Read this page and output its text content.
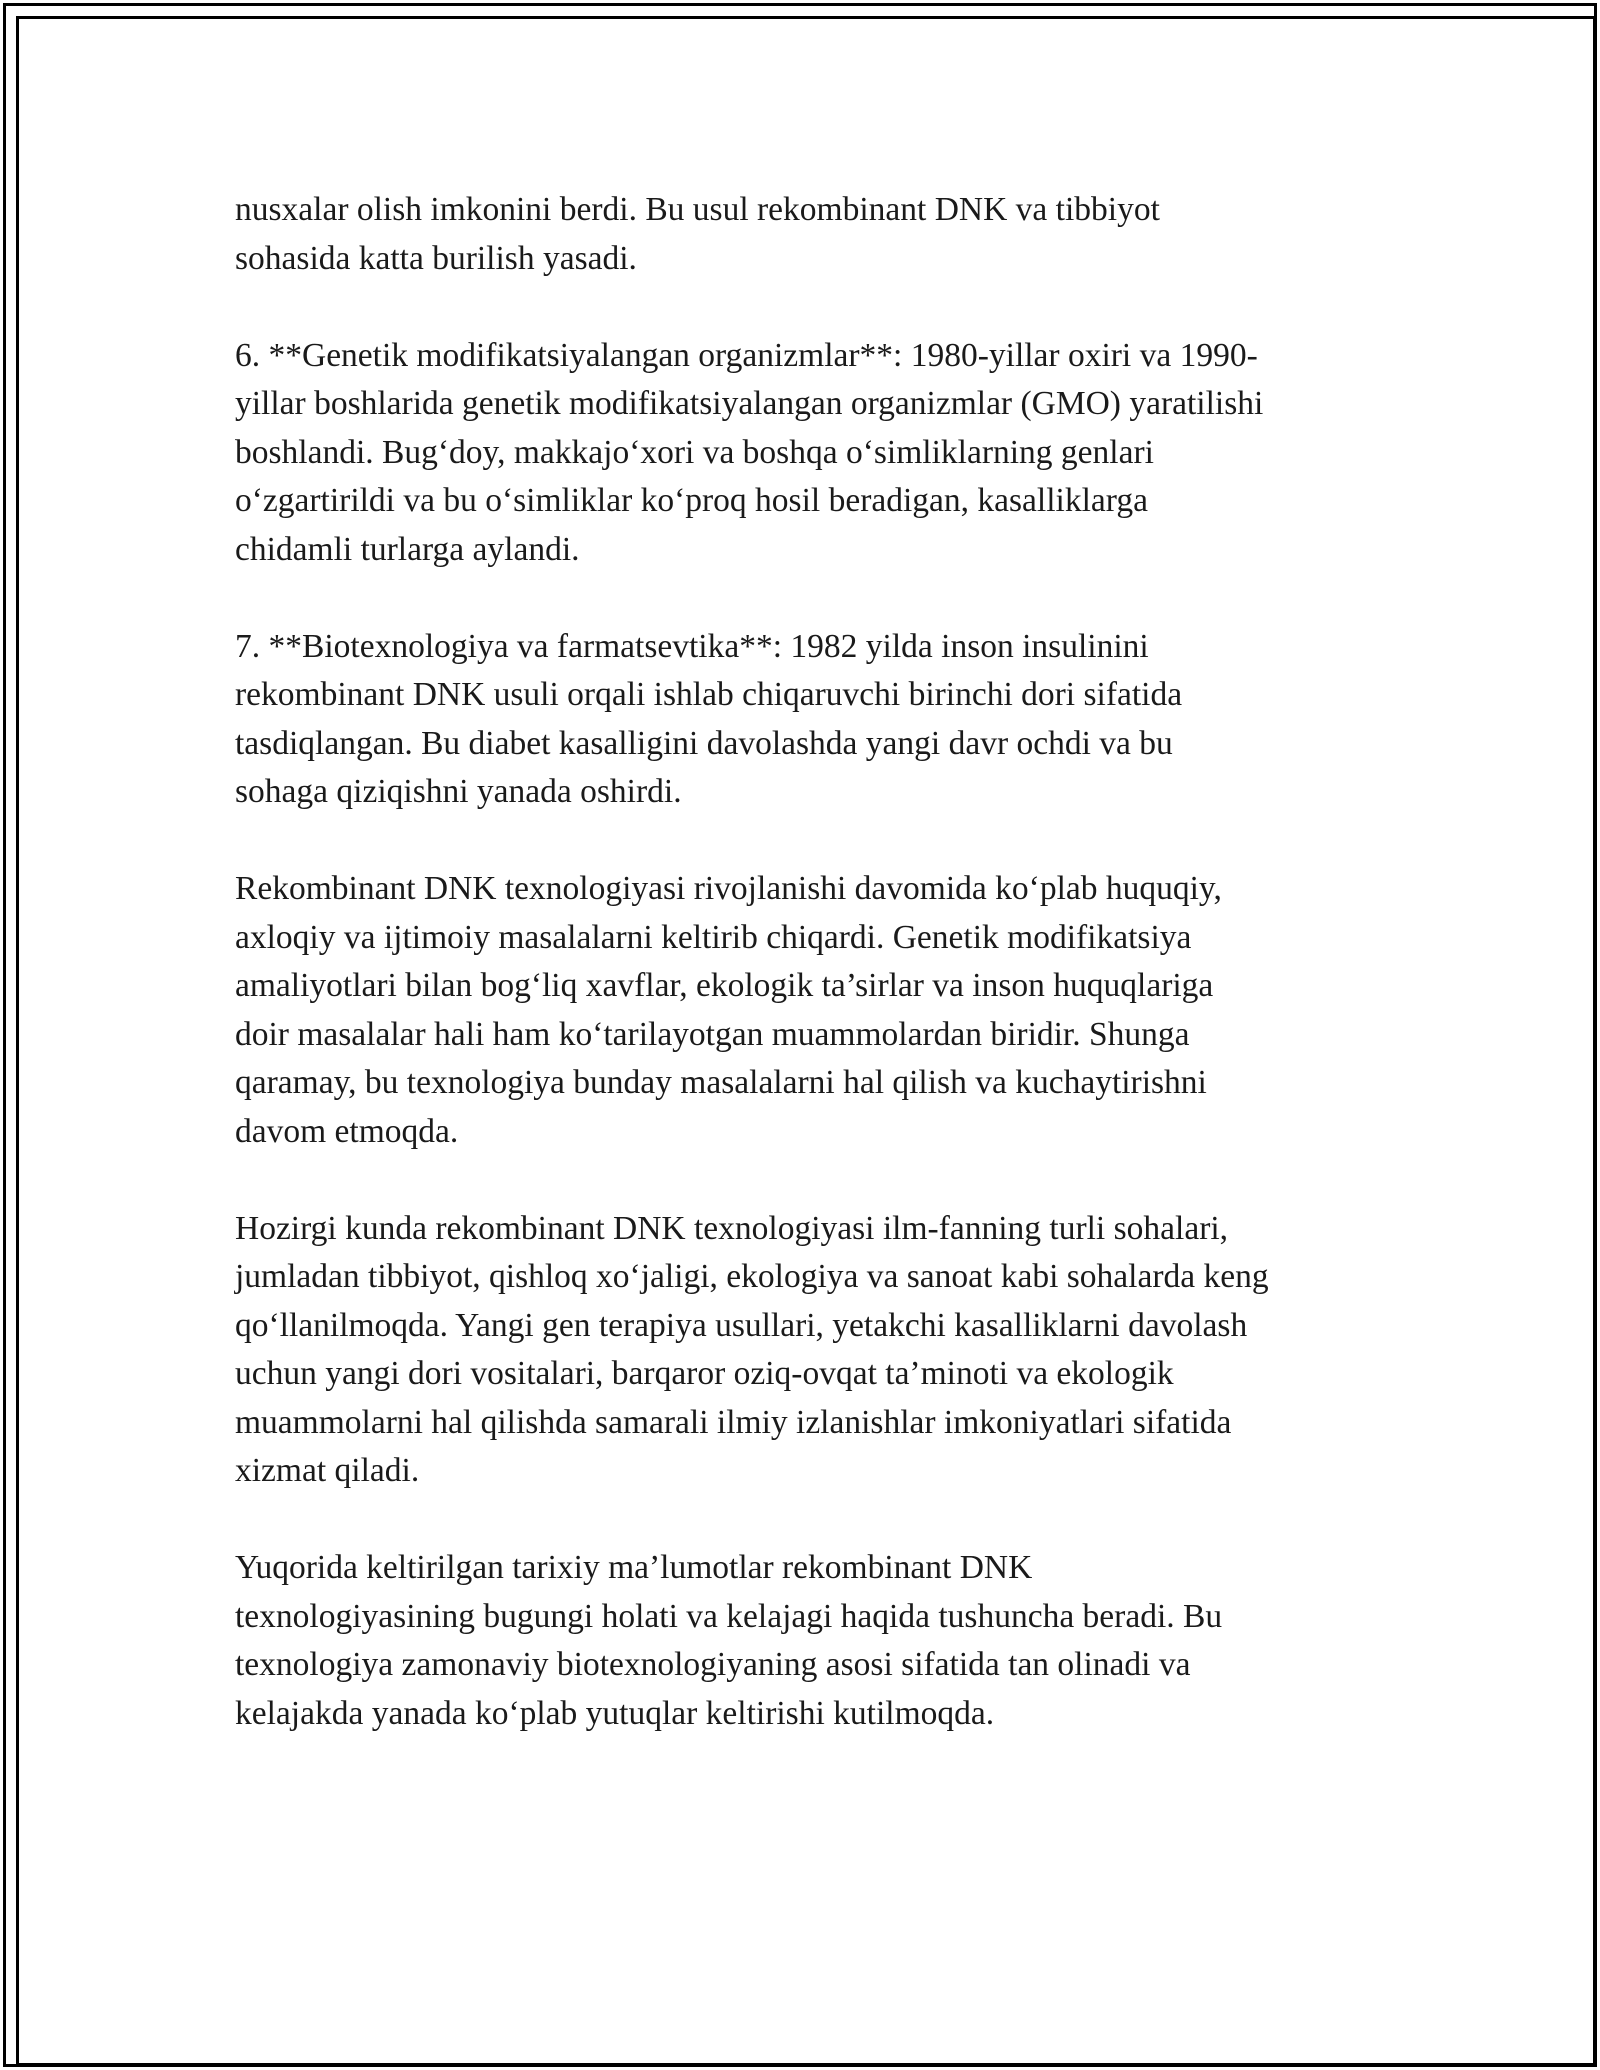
nusxalar olish imkonini berdi. Bu usul rekombinant DNK va tibbiyot
sohasida katta burilish yasadi.

6. **Genetik modifikatsiyalangan organizmlar**: 1980-yillar oxiri va 1990-
yillar boshlarida genetik modifikatsiyalangan organizmlar (GMO) yaratilishi
boshlandi. Bug‘doy, makkajo‘xori va boshqa o‘simliklarning genlari
o‘zgartirildi va bu o‘simliklar ko‘proq hosil beradigan, kasalliklarga
chidamli turlarga aylandi.

7. **Biotexnologiya va farmatsevtika**: 1982 yilda inson insulinini
rekombinant DNK usuli orqali ishlab chiqaruvchi birinchi dori sifatida
tasdiqlangan. Bu diabet kasalligini davolashda yangi davr ochdi va bu
sohaga qiziqishni yanada oshirdi.

Rekombinant DNK texnologiyasi rivojlanishi davomida ko‘plab huquqiy,
axloqiy va ijtimoiy masalalarni keltirib chiqardi. Genetik modifikatsiya
amaliyotlari bilan bog‘liq xavflar, ekologik ta’sirlar va inson huquqlariga
doir masalalar hali ham ko‘tarilayotgan muammolardan biridir. Shunga
qaramay, bu texnologiya bunday masalalarni hal qilish va kuchaytirishni
davom etmoqda.

Hozirgi kunda rekombinant DNK texnologiyasi ilm-fanning turli sohalari,
jumladan tibbiyot, qishloq xo‘jaligi, ekologiya va sanoat kabi sohalarda keng
qo‘llanilmoqda. Yangi gen terapiya usullari, yetakchi kasalliklarni davolash
uchun yangi dori vositalari, barqaror oziq-ovqat ta’minoti va ekologik
muammolarni hal qilishda samarali ilmiy izlanishlar imkoniyatlari sifatida
xizmat qiladi.

Yuqorida keltirilgan tarixiy ma’lumotlar rekombinant DNK
texnologiyasining bugungi holati va kelajagi haqida tushuncha beradi. Bu
texnologiya zamonaviy biotexnologiyaning asosi sifatida tan olinadi va
kelajakda yanada ko‘plab yutuqlar keltirishi kutilmoqda.
